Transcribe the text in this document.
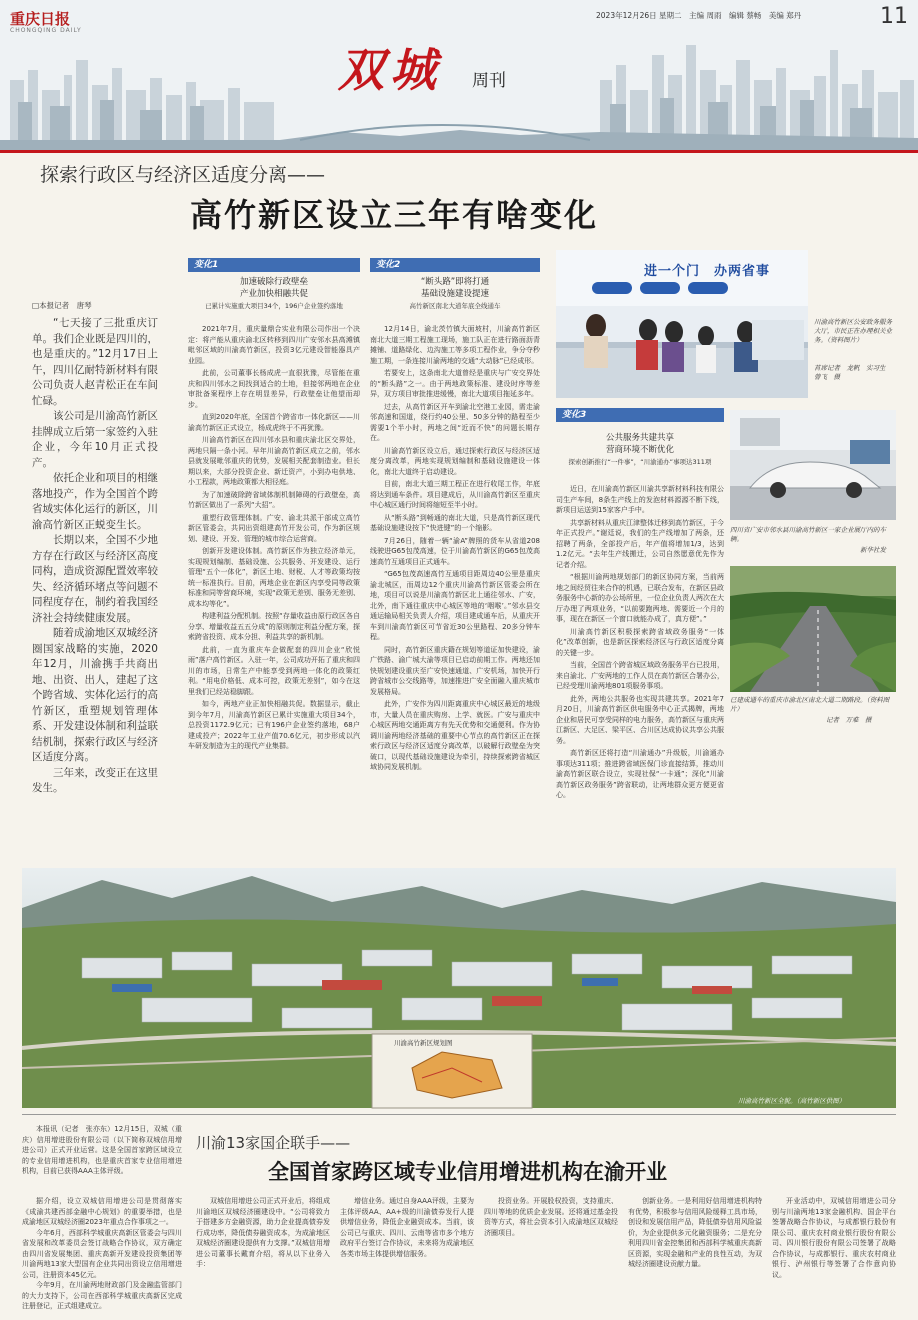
重庆日报
CHONGQING DAILY
2023年12月26日 星期二　主编 周雨　编辑 蔡畅　美编 郑丹	11
双城 周刊
探索行政区与经济区适度分离——
高竹新区设立三年有啥变化
□本报记者　唐琴

“七天接了三批重庆订单。我们企业既是四川的，也是重庆的。”12月17日上午，四川亿耐特新材料有限公司负责人赵青松正在车间忙碌。

该公司是川渝高竹新区挂牌成立后第一家签约入驻企业，今年10月正式投产。

依托企业和项目的相继落地投产，作为全国首个跨省域实体化运行的新区，川渝高竹新区正蜕变生长。

长期以来，全国不少地方存在行政区与经济区高度同构，造成资源配置效率较失、经济循环堵点等问题不同程度存在，制约着我国经济社会持续健康发展。

随着成渝地区双城经济圈国家战略的实施，2020年12月，川渝携手共商出地、出资、出人，建起了这个跨省域、实体化运行的高竹新区，重塑规划管理体系、开发建设体制和利益联结机制，探索行政区与经济区适度分离。

三年来，改变正在这里发生。

变化1
加速破除行政壁垒
产业加快相融共促
已累计实施重大项目34个，196户企业签约落地

2021年7月，重庆量鼎合实业有限公司作出一个决定：将产能从重庆渝北区转移到四川广安邻水县高滩镇毗邻区域的川渝高竹新区，投资3亿元建设智能器具产业园。

此前，公司董事长杨成虎一直很犹豫，尽管能在重庆和四川邻水之间找到适合的土地，但接邻两地在企业审批备案程序上存在明显差异，行政壁垒让他望而却步。

直到2020年底，全国首个跨省市一体化新区——川渝高竹新区正式设立，杨成虎终于不再犹豫。

川渝高竹新区在四川邻水县和重庆渝北区交界处，两地只隔一条小河。早年川渝高竹新区成立之前，邻水县就发展毗邻重庆的优势，发展相关配套制造业。但长期以来，大部分投资企业、新迁资产，小到办电供地、小工程款，两地政策都大相径庭。

为了加速破除跨省域体制机制障碍的行政壁垒，高竹新区做出了一系列“大招”。

重塑行政管理体制。广安、渝北共派干部成立高竹新区管委会，共同出资组建高竹开发公司，作为新区规划、建设、开发、管理的城市综合运营商。

创新开发建设体制。高竹新区作为独立经济单元，实现规划编制、基础设施、公共服务、开发建设、运行管理“五个一体化”，新区土地、财税、人才等政策均按统一标准执行。目前，两地企业在新区内享受同等政策标准和同等营商环境，实现“政策无差别、服务无差别、成本均等化”。

构建利益分配机制。按照“存量收益由原行政区各自分享、增量收益五五分成”的原则制定利益分配方案，探索跨省投资、成本分担、利益共享的新机制。

此前，一直为重庆车企做配套的四川企业“欣悦雨”落户高竹新区。入驻一年，公司成功开拓了重庆和四川的市场，日常生产中能享受到两地一体化的政策红利。“用电价格低、成本可控，政策无差别”，如今在这里我们已经站稳脚跟。

如今，两地产业正加快相融共促。数据显示，截止到今年7月，川渝高竹新区已累计实施重大项目34个，总投资1172.9亿元；已有196户企业签约落地，68户建成投产；2022年工业产值70.6亿元，初步形成以汽车研发制造为主的现代产业集群。

变化2
“断头路”即将打通
基础设施建设提速
高竹新区南北大道年底全线通车

12月14日，渝北茨竹镇大面坡村，川渝高竹新区南北大道三期工程施工现场，施工队正在进行路面沥青摊铺、道路绿化、边沟施工等多项工程作业，争分夺秒施工期，一条连接川渝两地的交通“大动脉”已经成形。

若要安上，这条南北大道曾经是重庆与广安交界处的“断头路”之一。由于两地政策标准、建设时序等差异，双方项目审批推进缓慢，南北大道项目拖延多年。

过去，从高竹新区开车到渝北空港工业园，需走渝邻高速和国道，绕行约40公里、50多分钟的路程至少需要1个半小时，两地之间“近而不快”的问题长期存在。

川渝高竹新区设立后，通过探索行政区与经济区适度分离改革，两地实现规划编制和基础设施建设一体化，南北大道终于启动建设。

目前，南北大道三期工程正在进行收尾工作，年底将达到通车条件。项目建成后，从川渝高竹新区至重庆中心城区通行时间将缩短至半小时。

从“断头路”到畅通的南北大道，只是高竹新区现代基础设施建设按下“快进键”的一个缩影。

7月26日，随着一辆“渝A”牌照的货车从省道208线驶进G65包茂高速，位于川渝高竹新区的G65包茂高速高竹互通项目正式通车。

“G65包茂高速高竹互通项目距周边40公里是重庆渝北城区，而周边12个重庆川渝高竹新区管委会所在地，项目可以说是川渝高竹新区北上通往邻水、广安，北外，南下通往重庆中心城区等地的‘咽喉’。”邻水县交通运输局相关负责人介绍，项目建成通车后，从重庆开车到川渝高竹新区可节省近30公里路程、20多分钟车程。

同时，高竹新区重庆籍在规划等道证加快建设，渝广铁路、渝广城大渝等项目已启动前期工作。两地还加快规划建设重庆至广安快速通道、广安机场，加快开行跨省城市公交线路等，加速推进广安全面融入重庆城市发展格局。

此外，广安作为四川距离重庆中心城区最近的地级市，大量人员在重庆购房、上学、就医。广安与重庆中心城区两地交通距离方有先天优势和交通便利。作为协调川渝两地经济基础的重要中心节点的高竹新区正在探索行政区与经济区适度分离改革，以破解行政壁垒为突破口，以现代基础设施建设为牵引，持续探索跨省城区域协同发展机制。

进一个门　办两省事
川渝高竹新区公安政务服务大厅，市民正在办理相关业务。（资料图片）
首席记者　龙帆　实习生　曾飞　摄
变化3
公共服务共建共享
营商环境不断优化
探索创新推行“一件事”，“川渝通办”事项达311项

近日，在川渝高竹新区川渝共享新材料科技有限公司生产车间，8条生产线上的发泡材料源源不断下线，新项目运送到15家客户手中。

共享新材料从重庆江津整体迁移到高竹新区，于今年正式投产。”谢廷说，我们的生产线增加了两条，还招聘了两条，全部投产后，年产值将增加1/3，达到1.2亿元。“去年生产线搬迁，公司自然愿意优先作为记者介绍。

“根据川渝两地规划部门的新区协同方案，当前两地之间经贸往来合作的机遇，已联合发布，在新区县政务服务中心新的办公场所里，一位企业负责人两次在大厅办理了两项业务，“以前要跑两地、需要近一个月的事，现在在新区一个窗口就能办成了，真方便”。”

川渝高竹新区积极探索跨省域政务服务“一体化”改革创新，也是新区探索经济区与行政区适度分离的关键一步。

当前，全国首个跨省城区域政务服务平台已投用，来自渝北、广安两地的工作人员在高竹新区合署办公，已经受理川渝两地801项服务事项。

此外，两地公共服务也实现共建共享。2021年7月20日，川渝高竹新区供电服务中心正式揭牌，两地企业和居民可享受同样的电力服务，高竹新区与重庆两江新区、大足区、梁平区、合川区达成协议共享公共服务。

高竹新区还将打造“川渝通办”升级版，川渝通办事项达311项；推进跨省域医保门诊直接结算，推动川渝高竹新区联合设立，实现社保“一卡通”；深化“川渝高竹新区政务服务”跨省联动，让两地群众更方便更省心。

四川省广安市邻水县川渝高竹新区一家企业展厅内的车辆。
新华社发
已建成通车的重庆市渝北区南北大道二期路段。（资料图片）
记者　万难　摄
川渝高竹新区规划图
川渝高竹新区全貌。（高竹新区供图）

本报讯（记者　张亦东）12月15日，双城（重庆）信用增进股份有限公司（以下简称双城信用增进公司）正式开业运营。这是全国首家跨区域设立的专业信用增进机构，也是重庆首家专业信用增进机构，目前已获得AAA主体评级。

川渝13家国企联手——
全国首家跨区域专业信用增进机构在渝开业

据介绍，设立双城信用增进公司是贯彻落实《成渝共建西部金融中心规划》的重要举措，也是成渝地区双城经济圈2023年重点合作事项之一。

今年6月，西部科学城重庆高新区管委会与四川省发展和改革委员会签订战略合作协议，双方确定由四川省发展集团、重庆高新开发建设投资集团等川渝两地13家大型国有企业共同出资设立信用增进公司，注册资本45亿元。

今年9月，在川渝两地财政部门及金融监管部门的大力支持下，公司在西部科学城重庆高新区完成注册登记，正式组建成立。

双城信用增进公司正式开业后，将组成川渝地区双城经济圈建设中。“公司将致力于搭建多方金融资源，助力企业提高债券发行成功率，降低债券融资成本，为成渝地区双城经济圈建设提供有力支撑。”双城信用增进公司董事长戴育介绍，将从以下业务入手：

增信业务。通过自身AAA评级，主要为主体评级AA、AA+级的川渝债券发行人提供增信业务，降低企业融资成本。当前，该公司已与重庆、四川、云南等省市多个地方政府平台签订合作协议，未来将为成渝地区各类市场主体提供增信服务。

投资业务。开展股权投资，支持重庆、四川等地的优质企业发展。还将通过基金投资等方式，将社会资本引入成渝地区双城经济圈项目。

创新业务。一是利用好信用增进机构特有优势，积极参与信用风险缓释工具市场，创设和发展信用产品，降低债券信用风险溢价，为企业提供多元化融资服务；二是充分利用四川省金控集团和西部科学城重庆高新区资源，实现金融和产业的良性互动，为双城经济圈建设贡献力量。

开业活动中，双城信用增进公司分别与川渝两地13家金融机构、国企平台签署战略合作协议，与成都银行股份有限公司、重庆农村商业银行股份有限公司、四川银行股份有限公司签署了战略合作协议，与成都银行、重庆农村商业银行、泸州银行等签署了合作意向协议。
